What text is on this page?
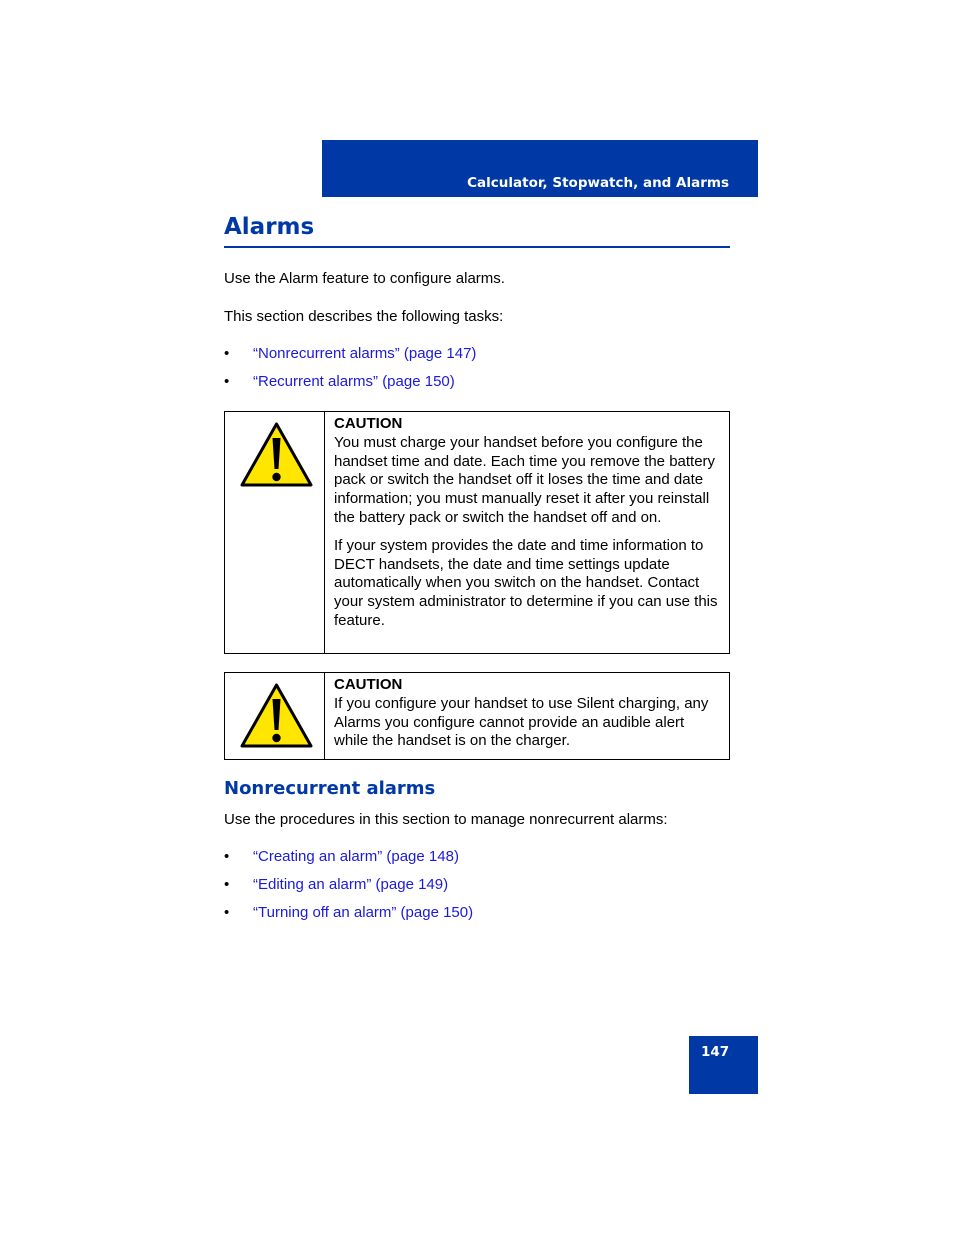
Calculator, Stopwatch, and Alarms
Alarms

Use the Alarm feature to configure alarms.

This section describes the following tasks:

• “Nonrecurrent alarms” (page 147)
• “Recurrent alarms” (page 150)
CAUTION

You must charge your handset before you configure the handset time and date. Each time you remove the battery pack or switch the handset off it loses the time and date information; you must manually reset it after you reinstall the battery pack or switch the handset off and on.

If your system provides the date and time information to DECT handsets, the date and time settings update automatically when you switch on the handset. Contact your system administrator to determine if you can use this feature.

CAUTION

If you configure your handset to use Silent charging, any Alarms you configure cannot provide an audible alert while the handset is on the charger.

Nonrecurrent alarms

Use the procedures in this section to manage nonrecurrent alarms:

• “Creating an alarm” (page 148)
• “Editing an alarm” (page 149)
• “Turning off an alarm” (page 150)
147
